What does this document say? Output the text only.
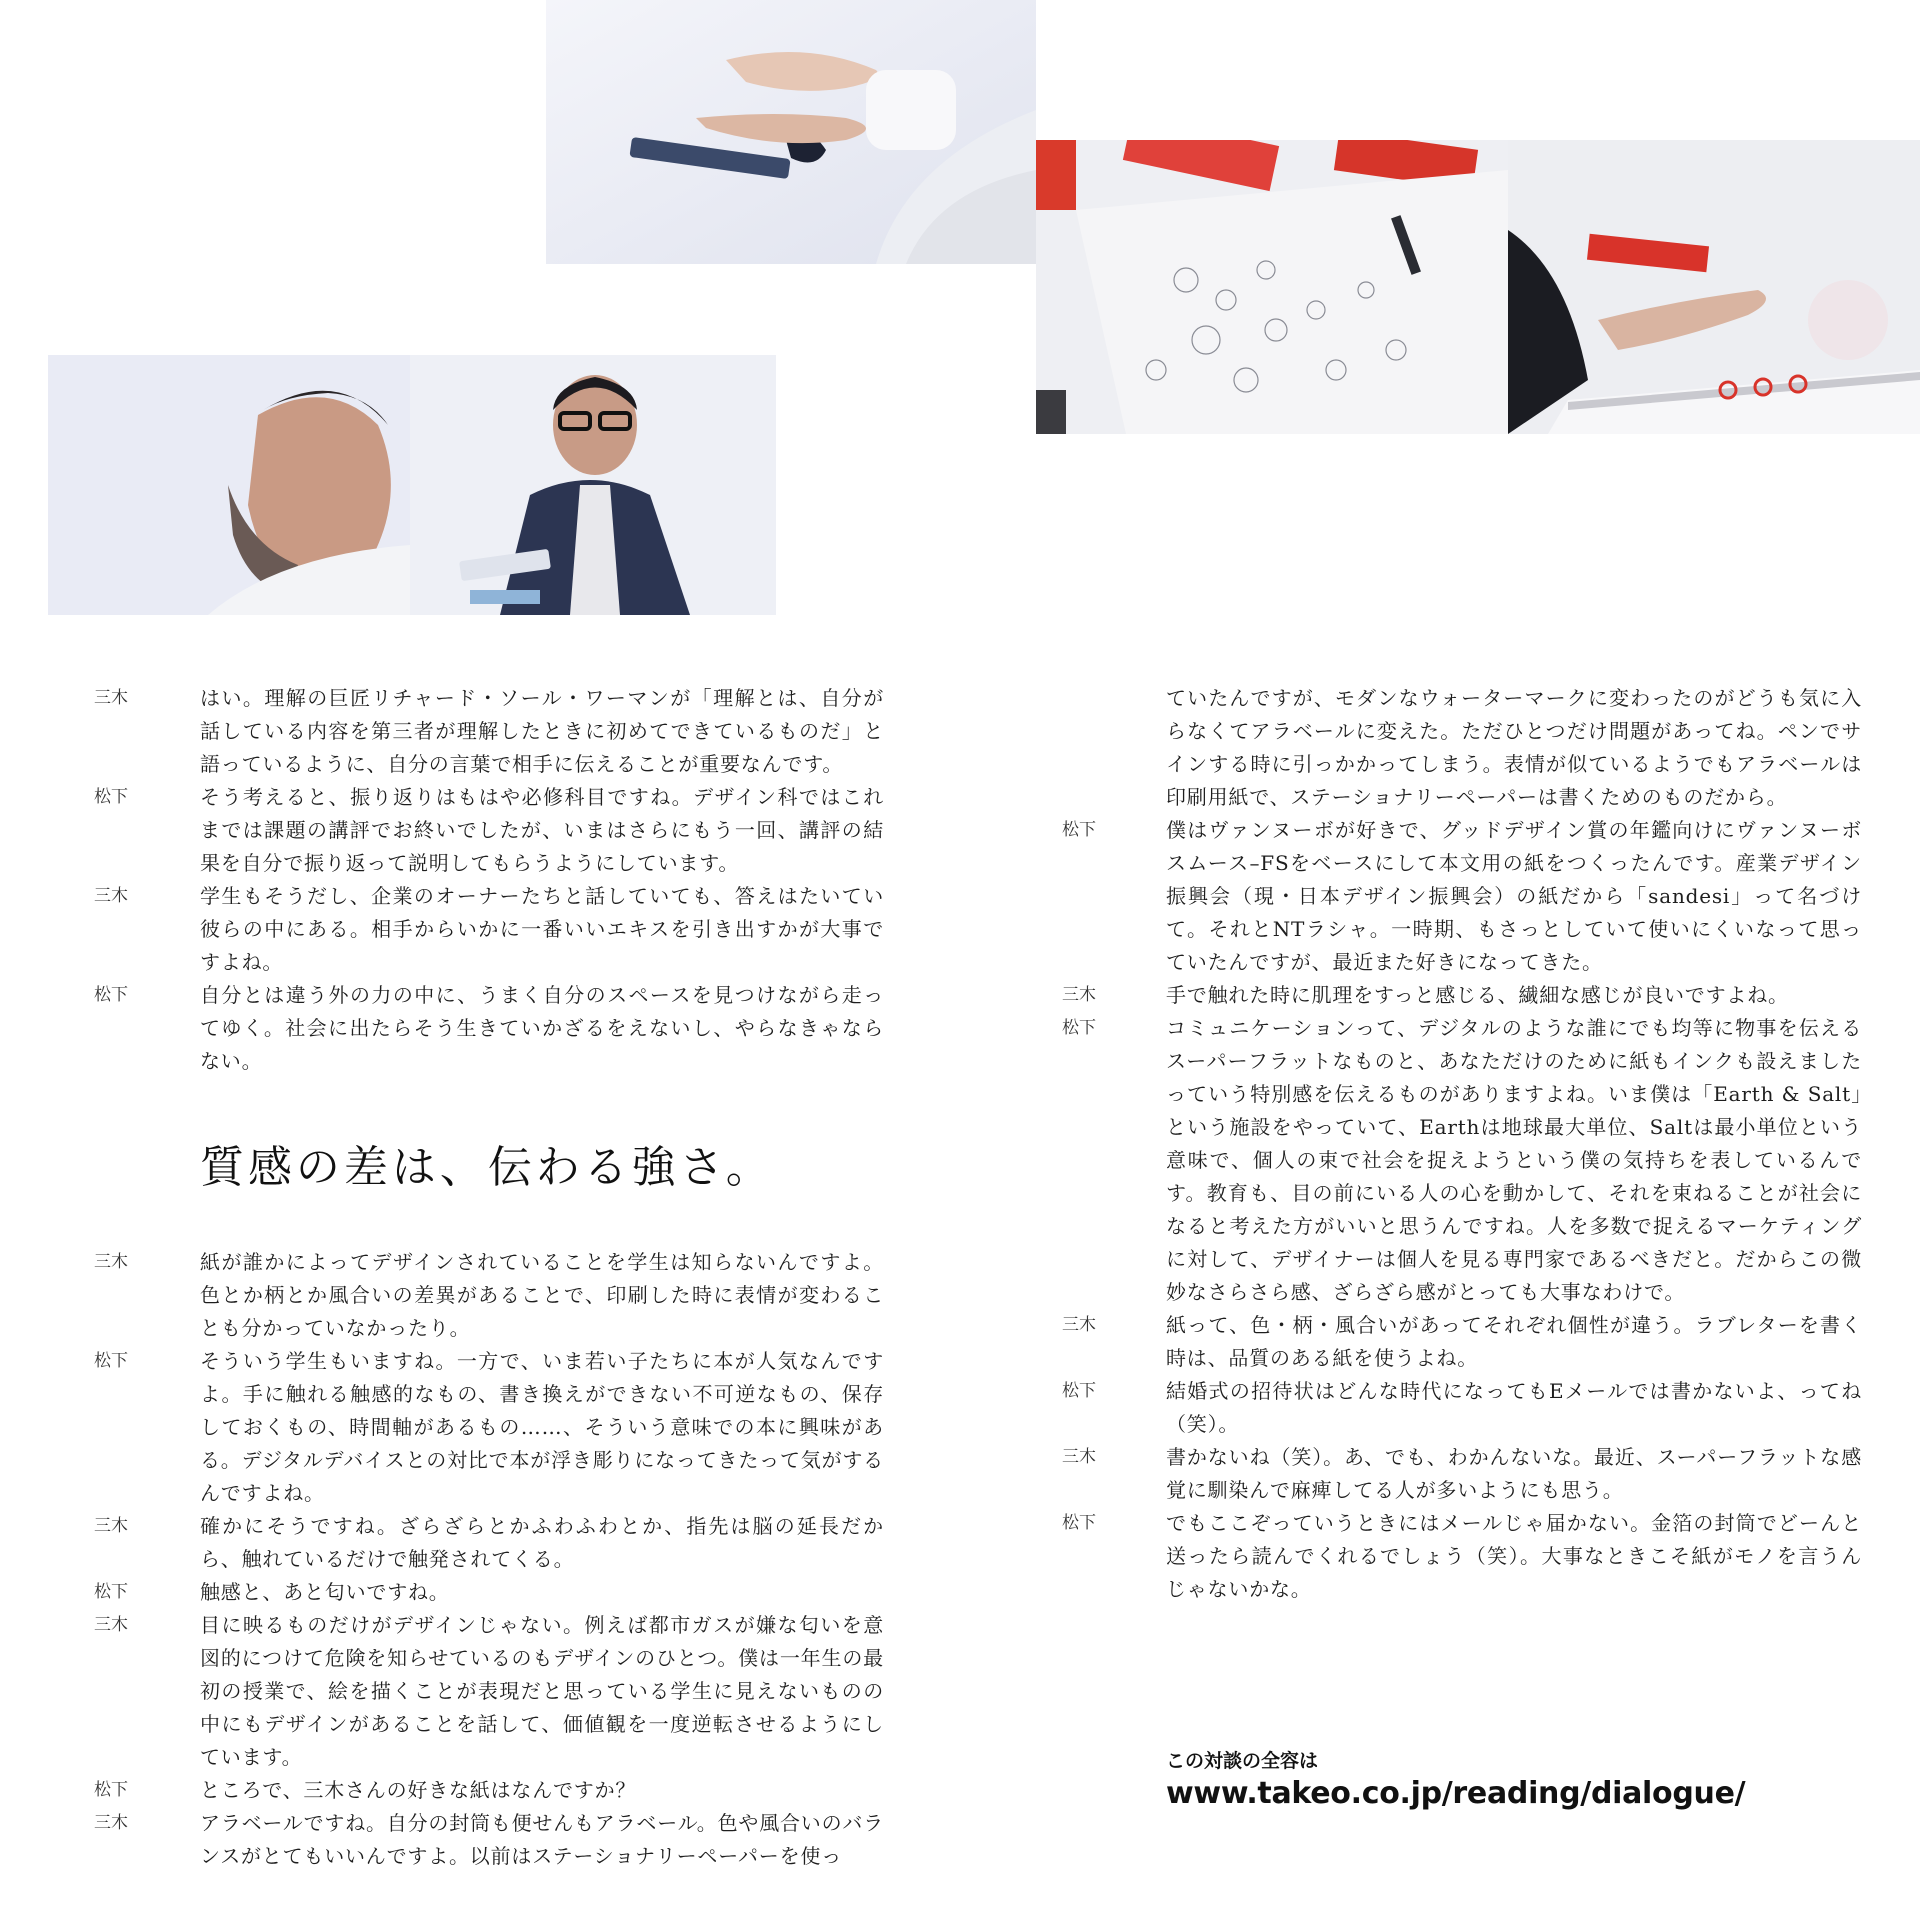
三木	はい。理解の巨匠リチャード・ソール・ワーマンが「理解とは、自分が話している内容を第三者が理解したときに初めてできているものだ」と語っているように、自分の言葉で相手に伝えることが重要なんです。
松下	そう考えると、振り返りはもはや必修科目ですね。デザイン科ではこれまでは課題の講評でお終いでしたが、いまはさらにもう一回、講評の結果を自分で振り返って説明してもらうようにしています。
三木	学生もそうだし、企業のオーナーたちと話していても、答えはたいてい彼らの中にある。相手からいかに一番いいエキスを引き出すかが大事ですよね。
松下	自分とは違う外の力の中に、うまく自分のスペースを見つけながら走ってゆく。社会に出たらそう生きていかざるをえないし、やらなきゃならない。
質感の差は、伝わる強さ。
三木	紙が誰かによってデザインされていることを学生は知らないんですよ。色とか柄とか風合いの差異があることで、印刷した時に表情が変わることも分かっていなかったり。
松下	そういう学生もいますね。一方で、いま若い子たちに本が人気なんですよ。手に触れる触感的なもの、書き換えができない不可逆なもの、保存しておくもの、時間軸があるもの……、そういう意味での本に興味がある。デジタルデバイスとの対比で本が浮き彫りになってきたって気がするんですよね。
三木	確かにそうですね。ざらざらとかふわふわとか、指先は脳の延長だから、触れているだけで触発されてくる。
松下	触感と、あと匂いですね。
三木	目に映るものだけがデザインじゃない。例えば都市ガスが嫌な匂いを意図的につけて危険を知らせているのもデザインのひとつ。僕は一年生の最初の授業で、絵を描くことが表現だと思っている学生に見えないものの中にもデザインがあることを話して、価値観を一度逆転させるようにしています。
松下	ところで、三木さんの好きな紙はなんですか？
三木	アラベールですね。自分の封筒も便せんもアラベール。色や風合いのバランスがとてもいいんですよ。以前はステーショナリーペーパーを使っ
ていたんですが、モダンなウォーターマークに変わったのがどうも気に入らなくてアラベールに変えた。ただひとつだけ問題があってね。ペンでサインする時に引っかかってしまう。表情が似ているようでもアラベールは印刷用紙で、ステーショナリーペーパーは書くためのものだから。
松下	僕はヴァンヌーボが好きで、グッドデザイン賞の年鑑向けにヴァンヌーボスムース–FSをベースにして本文用の紙をつくったんです。産業デザイン振興会（現・日本デザイン振興会）の紙だから「sandesi」って名づけて。それとNTラシャ。一時期、もさっとしていて使いにくいなって思っていたんですが、最近また好きになってきた。
三木	手で触れた時に肌理をすっと感じる、繊細な感じが良いですよね。
松下	コミュニケーションって、デジタルのような誰にでも均等に物事を伝えるスーパーフラットなものと、あなただけのために紙もインクも設えましたっていう特別感を伝えるものがありますよね。いま僕は「Earth & Salt」という施設をやっていて、Earthは地球最大単位、Saltは最小単位という意味で、個人の束で社会を捉えようという僕の気持ちを表しているんです。教育も、目の前にいる人の心を動かして、それを束ねることが社会になると考えた方がいいと思うんですね。人を多数で捉えるマーケティングに対して、デザイナーは個人を見る専門家であるべきだと。だからこの微妙なさらさら感、ざらざら感がとっても大事なわけで。
三木	紙って、色・柄・風合いがあってそれぞれ個性が違う。ラブレターを書く時は、品質のある紙を使うよね。
松下	結婚式の招待状はどんな時代になってもEメールでは書かないよ、ってね（笑）。
三木	書かないね（笑）。あ、でも、わかんないな。最近、スーパーフラットな感覚に馴染んで麻痺してる人が多いようにも思う。
松下	でもここぞっていうときにはメールじゃ届かない。金箔の封筒でどーんと送ったら読んでくれるでしょう（笑）。大事なときこそ紙がモノを言うんじゃないかな。
この対談の全容は
www.takeo.co.jp/reading/dialogue/
